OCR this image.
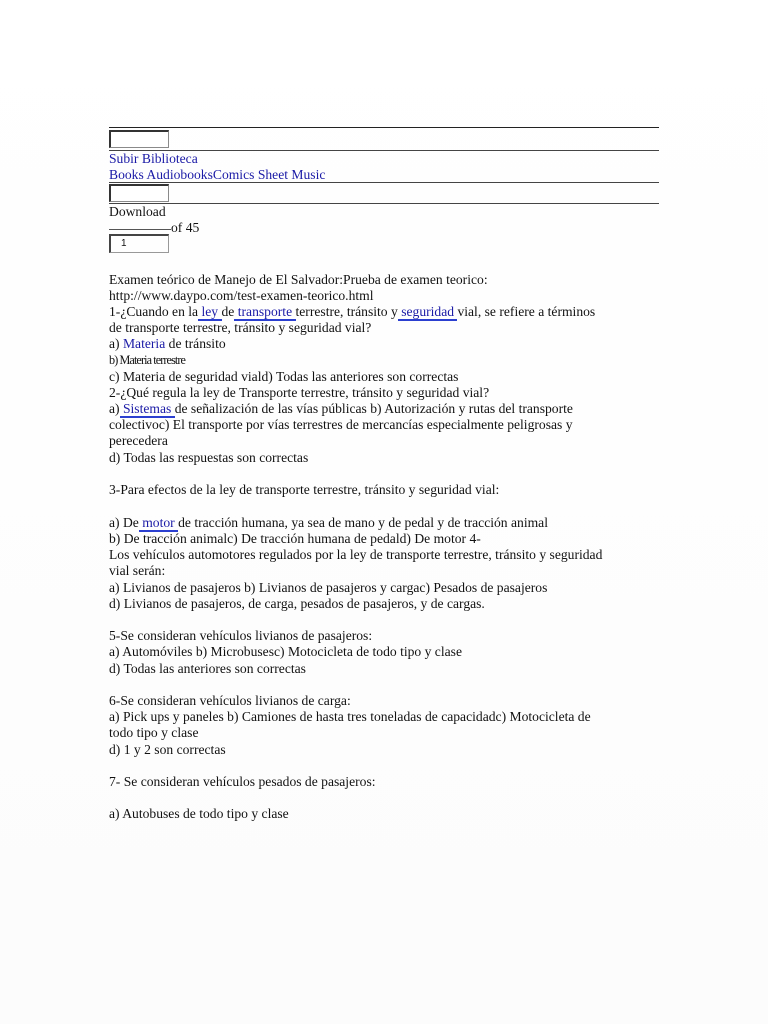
Subir Biblioteca
Books AudiobooksComics Sheet Music
Download
of 45
1
Examen teórico de Manejo de El Salvador:Prueba de examen teorico:
http://www.daypo.com/test-examen-teorico.html
1-¿Cuando en la ley de transporte terrestre, tránsito y seguridad vial, se refiere a términos
de transporte terrestre, tránsito y seguridad vial?
a) Materia de tránsito
b) Materia terrestre
c) Materia de seguridad viald) Todas las anteriores son correctas
2-¿Qué regula la ley de Transporte terrestre, tránsito y seguridad vial?
a) Sistemas de señalización de las vías públicas b) Autorización y rutas del transporte
colectivoc) El transporte por vías terrestres de mercancías especialmente peligrosas y
perecedera
d) Todas las respuestas son correctas
3-Para efectos de la ley de transporte terrestre, tránsito y seguridad vial:
a) De motor de tracción humana, ya sea de mano y de pedal y de tracción animal
b) De tracción animalc) De tracción humana de pedald) De motor 4-
Los vehículos automotores regulados por la ley de transporte terrestre, tránsito y seguridad
vial serán:
a) Livianos de pasajeros b) Livianos de pasajeros y cargac) Pesados de pasajeros
d) Livianos de pasajeros, de carga, pesados de pasajeros, y de cargas.
5-Se consideran vehículos livianos de pasajeros:
a) Automóviles b) Microbusesc) Motocicleta de todo tipo y clase
d) Todas las anteriores son correctas
6-Se consideran vehículos livianos de carga:
a) Pick ups y paneles b) Camiones de hasta tres toneladas de capacidadc) Motocicleta de
todo tipo y clase
d) 1 y 2 son correctas
7- Se consideran vehículos pesados de pasajeros:
a) Autobuses de todo tipo y clase
